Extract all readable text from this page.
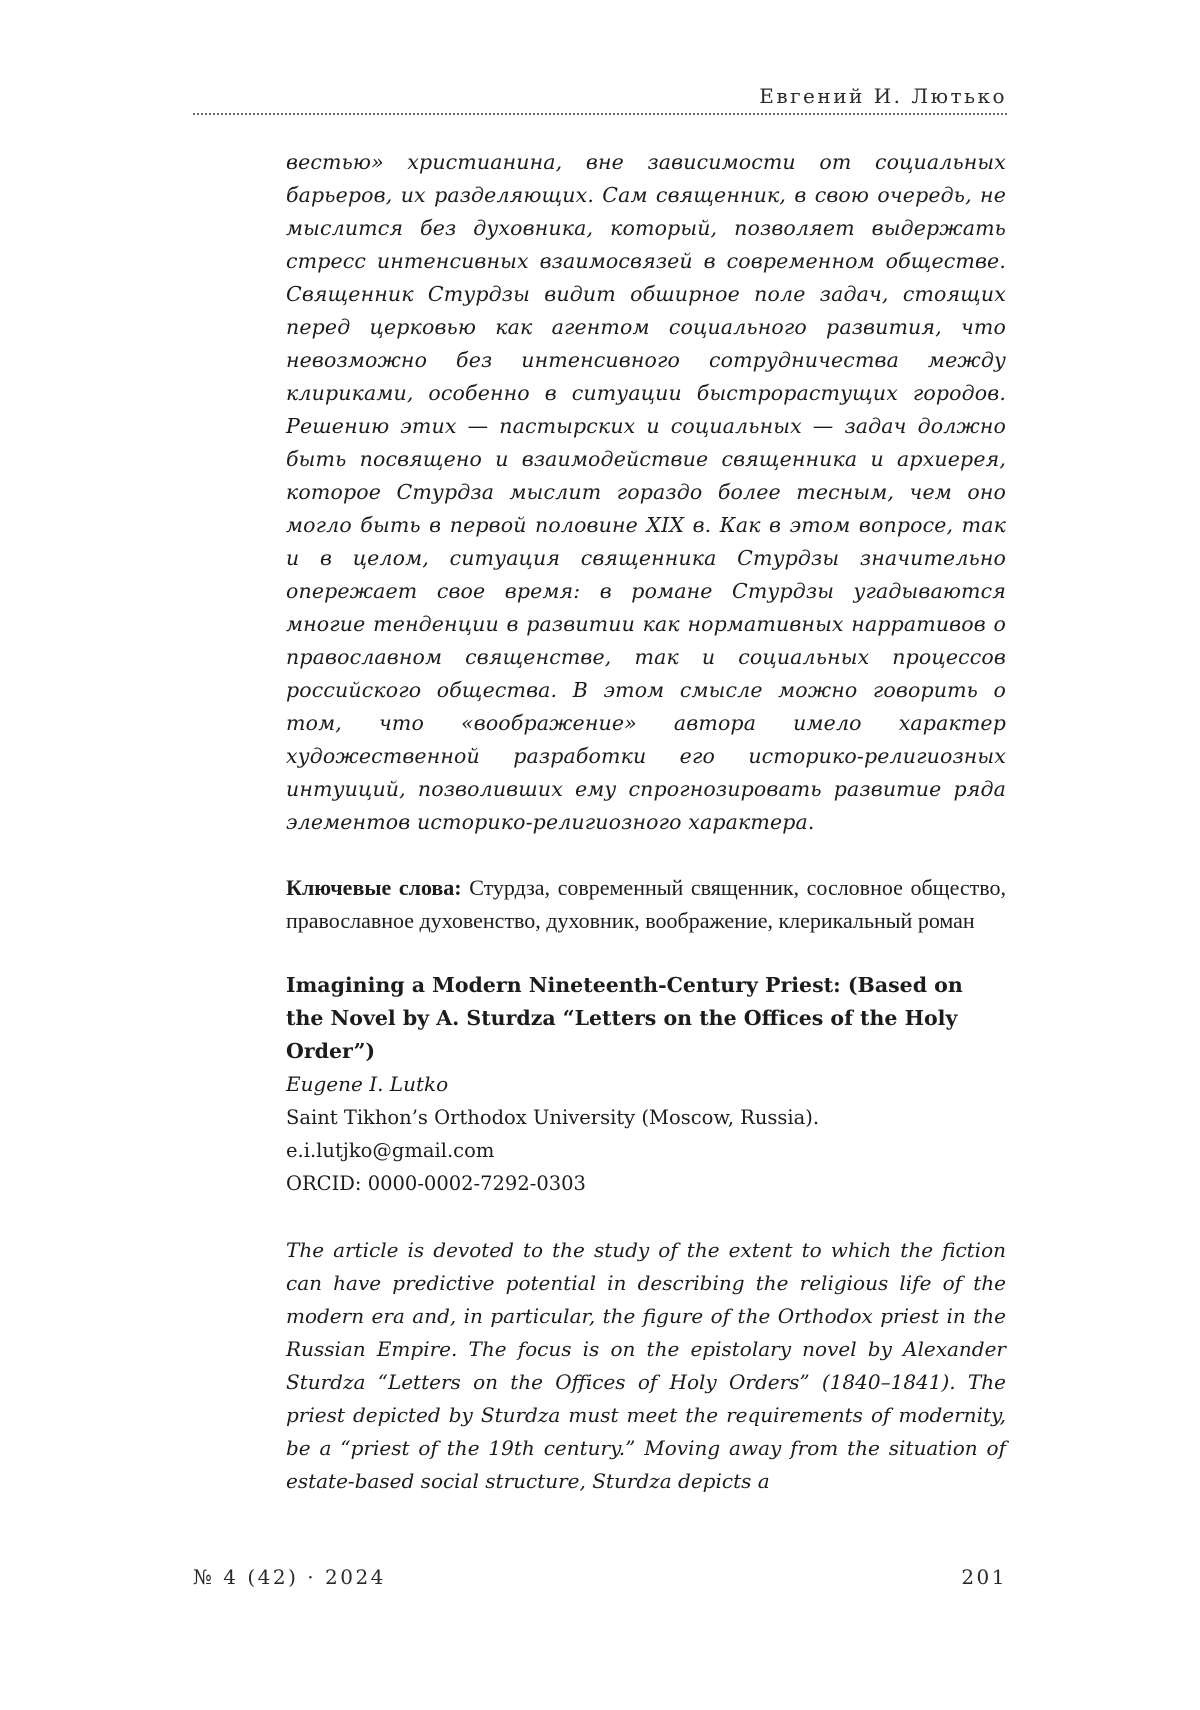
Евгений И. Лютько

вестью» христианина, вне зависимости от социальных барьеров, их разделяющих. Сам священник, в свою очередь, не мыслится без духовника, который, позволяет выдержать стресс интенсивных взаимосвязей в современном обществе. Священник Стурдзы видит обширное поле задач, стоящих перед церковью как агентом социального развития, что невозможно без интенсивного сотрудничества между клириками, особенно в ситуации быстрорастущих городов. Решению этих — пастырских и социальных — задач должно быть посвящено и взаимодействие священника и архиерея, которое Стурдза мыслит гораздо более тесным, чем оно могло быть в первой половине XIX в. Как в этом вопросе, так и в целом, ситуация священника Стурдзы значительно опережает свое время: в романе Стурдзы угадываются многие тенденции в развитии как нормативных нарративов о православном священстве, так и социальных процессов российского общества. В этом смысле можно говорить о том, что «воображение» автора имело характер художественной разработки его историко-религиозных интуиций, позволивших ему спрогнозировать развитие ряда элементов историко-религиозного характера.

Ключевые слова: Стурдза, современный священник, сословное общество, православное духовенство, духовник, воображение, клерикальный роман

Imagining a Modern Nineteenth-Century Priest: (Based on the Novel by A. Sturdza “Letters on the Offices of the Holy Order”)
Eugene I. Lutko
Saint Tikhon’s Orthodox University (Moscow, Russia).
e.i.lutjko@gmail.com
ORCID: 0000-0002-7292-0303

The article is devoted to the study of the extent to which the fiction can have predictive potential in describing the religious life of the modern era and, in particular, the figure of the Orthodox priest in the Russian Empire. The focus is on the epistolary novel by Alexander Sturdza “Letters on the Offices of Holy Orders” (1840–1841). The priest depicted by Sturdza must meet the requirements of modernity, be a “priest of the 19th century.” Moving away from the situation of estate-based social structure, Sturdza depicts a

№ 4 (42) · 2024	201
